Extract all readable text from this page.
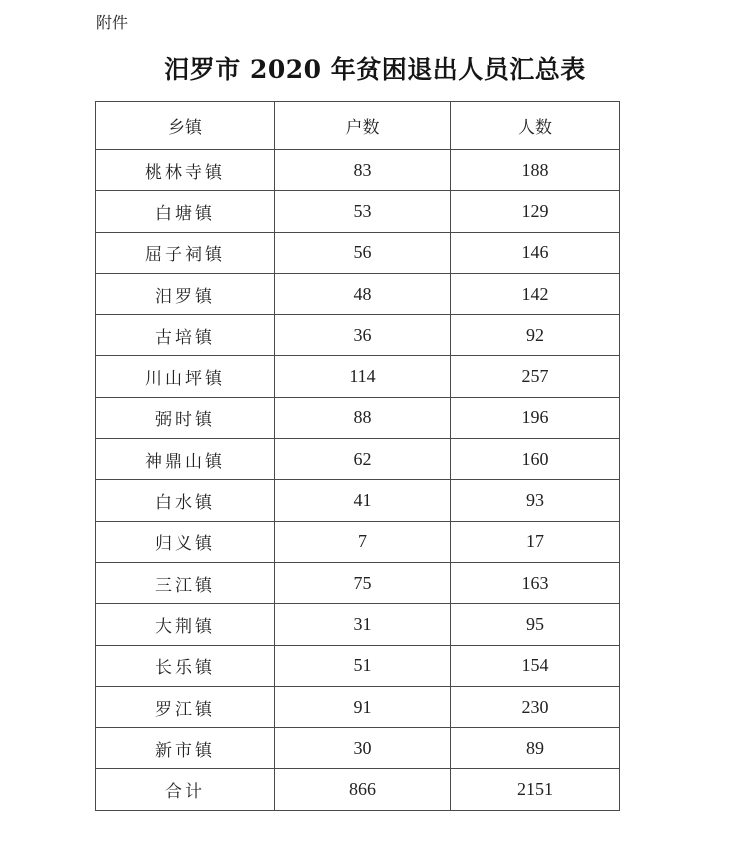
附件
汨罗市 2020 年贫困退出人员汇总表
乡镇	户数	人数
桃林寺镇	83	188
白塘镇	53	129
屈子祠镇	56	146
汨罗镇	48	142
古培镇	36	92
川山坪镇	114	257
弼时镇	88	196
神鼎山镇	62	160
白水镇	41	93
归义镇	7	17
三江镇	75	163
大荆镇	31	95
长乐镇	51	154
罗江镇	91	230
新市镇	30	89
合计	866	2151
